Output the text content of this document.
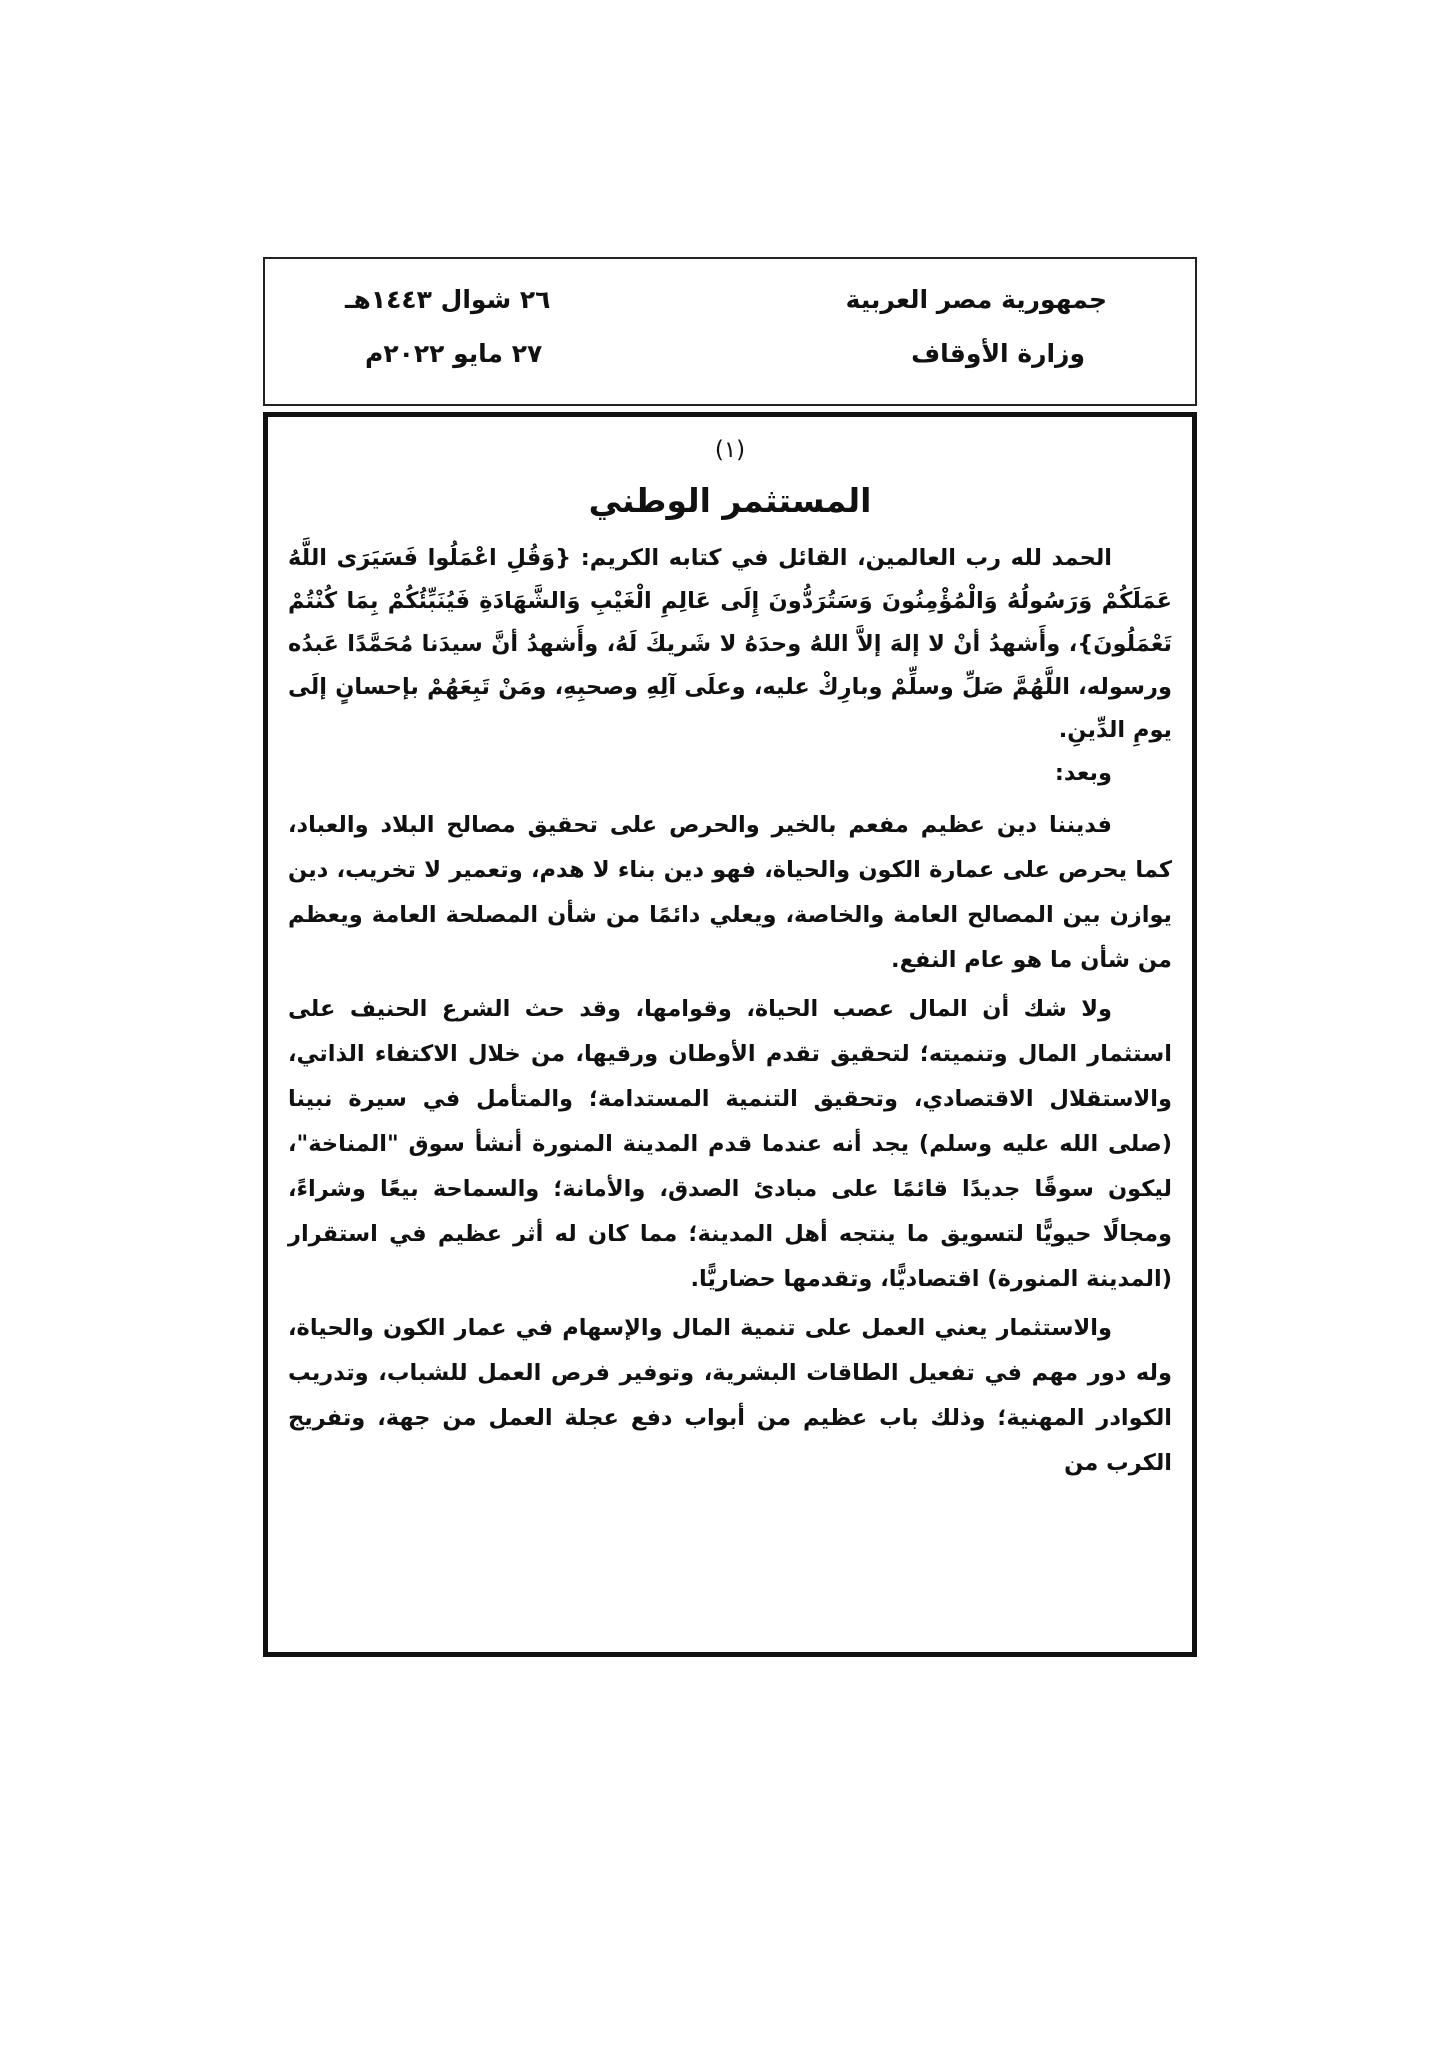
جمهورية مصر العربية
وزارة الأوقاف
٢٦ شوال ١٤٤٣هـ
٢٧ مايو ٢٠٢٢م
(١)
المستثمر الوطني

الحمد لله رب العالمين، القائل في كتابه الكريم: {وَقُلِ اعْمَلُوا فَسَيَرَى اللَّهُ عَمَلَكُمْ وَرَسُولُهُ وَالْمُؤْمِنُونَ وَسَتُرَدُّونَ إِلَى عَالِمِ الْغَيْبِ وَالشَّهَادَةِ فَيُنَبِّئُكُمْ بِمَا كُنْتُمْ تَعْمَلُونَ}، وأَشهدُ أنْ لا إلهَ إلاَّ اللهُ وحدَهُ لا شَريكَ لَهُ، وأَشهدُ أنَّ سيدَنا مُحَمَّدًا عَبدُه ورسوله، اللَّهُمَّ صَلِّ وسلِّمْ وبارِكْ عليه، وعلَى آلِهِ وصحبِهِ، ومَنْ تَبِعَهُمْ بإحسانٍ إلَى يومِ الدِّينِ.

وبعد:

فديننا دين عظيم مفعم بالخير والحرص على تحقيق مصالح البلاد والعباد، كما يحرص على عمارة الكون والحياة، فهو دين بناء لا هدم، وتعمير لا تخريب، دين يوازن بين المصالح العامة والخاصة، ويعلي دائمًا من شأن المصلحة العامة ويعظم من شأن ما هو عام النفع.

ولا شك أن المال عصب الحياة، وقوامها، وقد حث الشرع الحنيف على استثمار المال وتنميته؛ لتحقيق تقدم الأوطان ورقيها، من خلال الاكتفاء الذاتي، والاستقلال الاقتصادي، وتحقيق التنمية المستدامة؛ والمتأمل في سيرة نبينا (صلى الله عليه وسلم) يجد أنه عندما قدم المدينة المنورة أنشأ سوق "المناخة"، ليكون سوقًا جديدًا قائمًا على مبادئ الصدق، والأمانة؛ والسماحة بيعًا وشراءً، ومجالًا حيويًّا لتسويق ما ينتجه أهل المدينة؛ مما كان له أثر عظيم في استقرار (المدينة المنورة) اقتصاديًّا، وتقدمها حضاريًّا.

والاستثمار يعني العمل على تنمية المال والإسهام في عمار الكون والحياة، وله دور مهم في تفعيل الطاقات البشرية، وتوفير فرص العمل للشباب، وتدريب الكوادر المهنية؛ وذلك باب عظيم من أبواب دفع عجلة العمل من جهة، وتفريج الكرب من
